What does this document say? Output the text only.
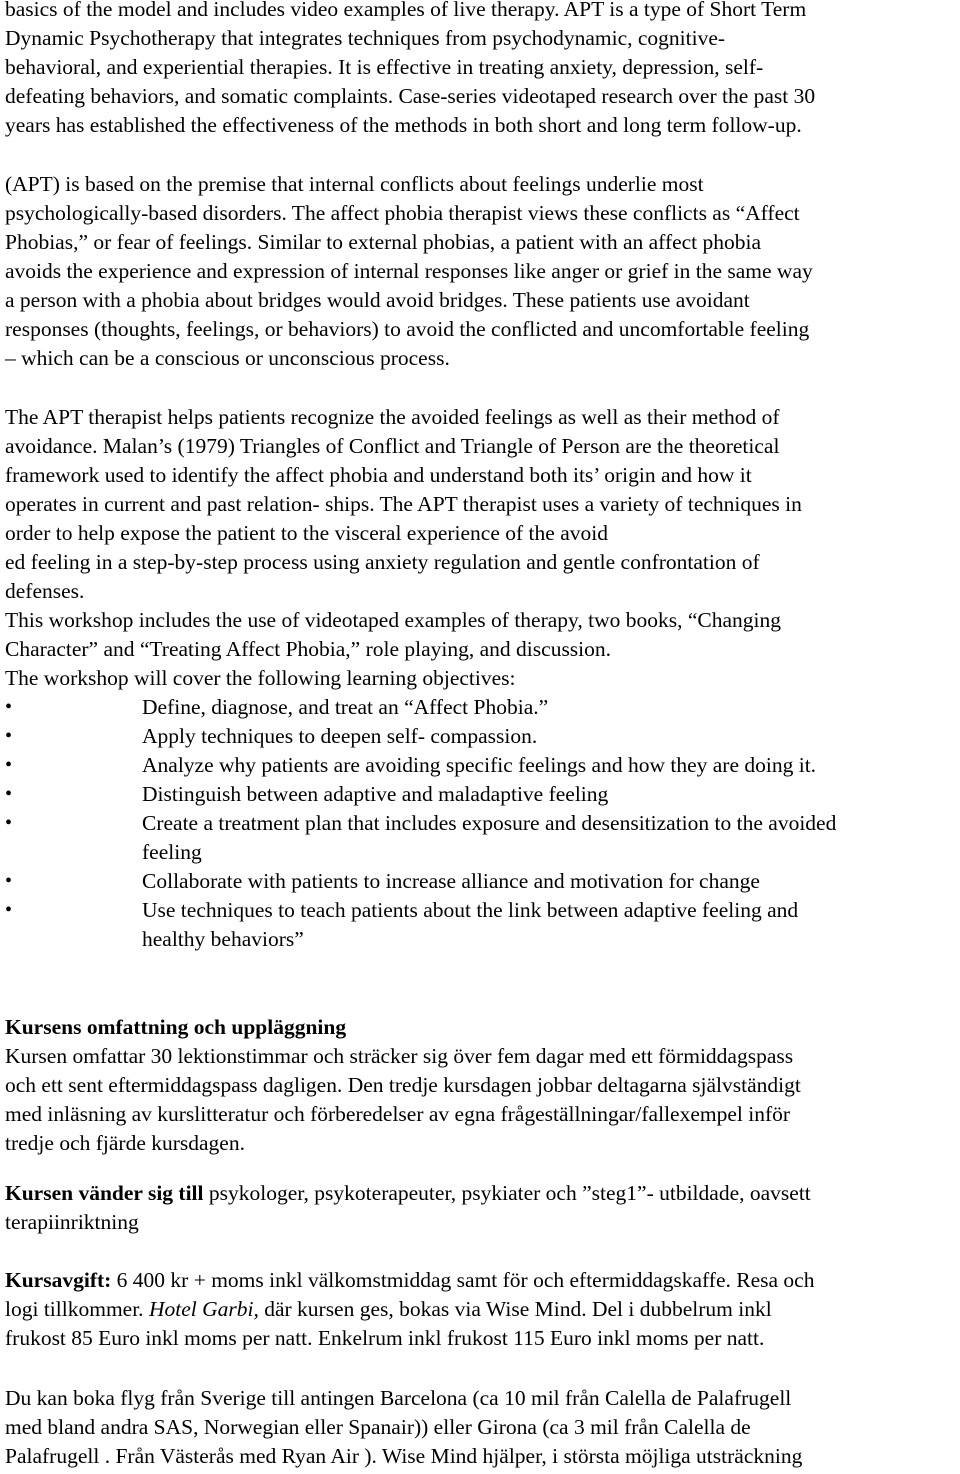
basics of the model and includes video examples of live therapy. APT is a type of Short Term
Dynamic Psychotherapy that integrates techniques from psychodynamic, cognitive-
behavioral, and experiential therapies. It is effective in treating anxiety, depression, self-
defeating behaviors, and somatic complaints. Case-series videotaped research over the past 30
years has established the effectiveness of the methods in both short and long term follow-up.
(APT) is based on the premise that internal conflicts about feelings underlie most
psychologically-based disorders. The affect phobia therapist views these conflicts as “Affect
Phobias,” or fear of feelings. Similar to external phobias, a patient with an affect phobia
avoids the experience and expression of internal responses like anger or grief in the same way
a person with a phobia about bridges would avoid bridges. These patients use avoidant
responses (thoughts, feelings, or behaviors) to avoid the conflicted and uncomfortable feeling
– which can be a conscious or unconscious process.
The APT therapist helps patients recognize the avoided feelings as well as their method of
avoidance. Malan’s (1979) Triangles of Conflict and Triangle of Person are the theoretical
framework used to identify the affect phobia and understand both its’ origin and how it
operates in current and past relation- ships. The APT therapist uses a variety of techniques in
order to help expose the patient to the visceral experience of the avoid
ed feeling in a step-by-step process using anxiety regulation and gentle confrontation of
defenses.
This workshop includes the use of videotaped examples of therapy, two books, “Changing
Character” and “Treating Affect Phobia,” role playing, and discussion.
The workshop will cover the following learning objectives:
•	Define, diagnose, and treat an “Affect Phobia.”
•	Apply techniques to deepen self- compassion.
•	Analyze why patients are avoiding specific feelings and how they are doing it.
•	Distinguish between adaptive and maladaptive feeling
•	Create a treatment plan that includes exposure and desensitization to the avoided
feeling
•	Collaborate with patients to increase alliance and motivation for change
•	Use techniques to teach patients about the link between adaptive feeling and
healthy behaviors”
Kursens omfattning och uppläggning
Kursen omfattar 30 lektionstimmar och sträcker sig över fem dagar med ett förmiddagspass
och ett sent eftermiddagspass dagligen. Den tredje kursdagen jobbar deltagarna självständigt
med inläsning av kurslitteratur och förberedelser av egna frågeställningar/fallexempel inför
tredje och fjärde kursdagen.
Kursen vänder sig till psykologer, psykoterapeuter, psykiater och ”steg1”- utbildade, oavsett
terapiinriktning
Kursavgift: 6 400 kr + moms inkl välkomstmiddag samt för och eftermiddagskaffe. Resa och
logi tillkommer. Hotel Garbi, där kursen ges, bokas via Wise Mind. Del i dubbelrum inkl
frukost 85 Euro inkl moms per natt. Enkelrum inkl frukost 115 Euro inkl moms per natt.
Du kan boka flyg från Sverige till antingen Barcelona (ca 10 mil från Calella de Palafrugell
med bland andra SAS, Norwegian eller Spanair)) eller Girona (ca 3 mil från Calella de
Palafrugell . Från Västerås med Ryan Air ). Wise Mind hjälper, i största möjliga utsträckning
